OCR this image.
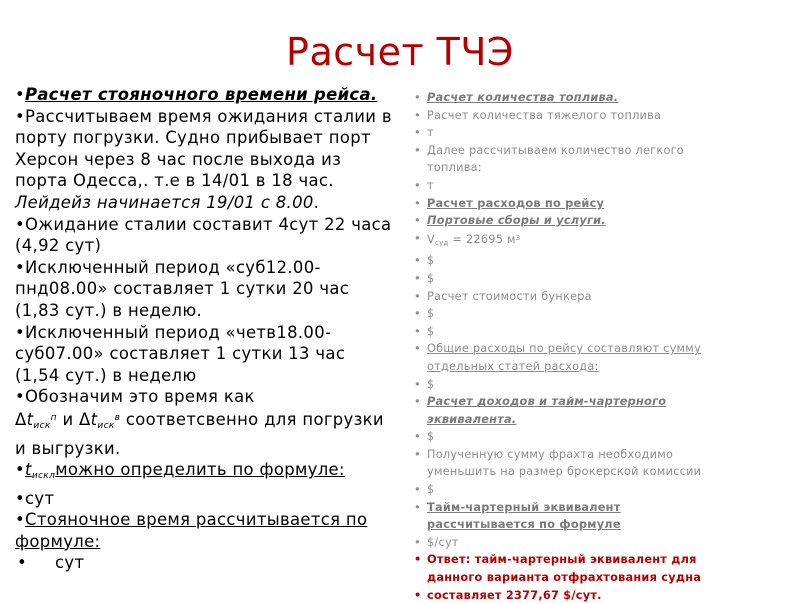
Расчет ТЧЭ

•Расчет стояночного времени рейса.

•Рассчитываем время ожидания сталии в порту погрузки. Судно прибывает порт Херсон через 8 час после выхода из порта Одесса,. т.е в 14/01 в 18 час. Лейдейз начинается 19/01 с 8.00.

•Ожидание сталии составит 4сут 22 часа (4,92 сут)

•Исключенный период «суб12.00-пнд08.00» составляет 1 сутки 20 час (1,83 сут.) в неделю.

•Исключенный период «четв18.00-суб07.00» составляет 1 сутки 13 час (1,54 сут.) в неделю

•Обозначим это время как
$\Delta t_{иск}^п$ и $\Delta t_{иск}^в$ соответсвенно для погрузки и выгрузки.

$•t_{искл}можно$ определить по формуле:

•сут

•Стояночное время рассчитывается по формуле:

• сут

• Расчет количества топлива.
• Расчет количества тяжелого топлива
• т
• Далее рассчитываем количество легкого топлива:
• т
• Расчет расходов по рейсу
• Портовые сборы и услуги.
• Vсуд = 22695 $м^3$
• $
• $
• Расчет стоимости бункера
• $
• $
• Общие расходы по рейсу составляют сумму отдельных статей расхода:
• $
• Расчет доходов и тайм-чартерного эквивалента.
• $
• Полученную сумму фрахта необходимо уменьшить на размер брокерской комиссии
• $
• Тайм-чартерный эквивалент рассчитывается по формуле
• $/сут
• Ответ: тайм-чартерный эквивалент для данного варианта отфрахтования судна
• составляет 2377,67 $/сут.
